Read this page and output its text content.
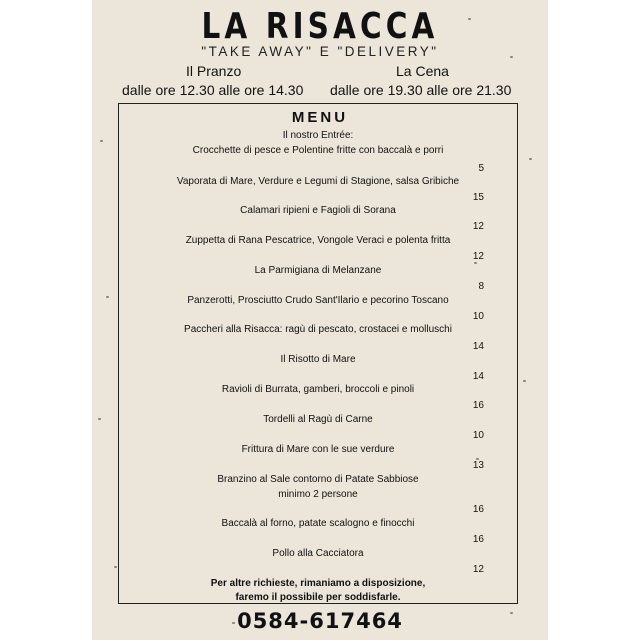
LA RISACCA
"TAKE AWAY" E "DELIVERY"
Il Pranzo	La Cena
dalle ore 12.30 alle ore 14.30 dalle ore 19.30 alle ore 21.30
MENU
Il nostro Entrée:
Crocchette di pesce e Polentine fritte con baccalà e porri
5
Vaporata di Mare, Verdure e Legumi di Stagione, salsa Gribiche
15
Calamari ripieni e Fagioli di Sorana
12
Zuppetta di Rana Pescatrice, Vongole Veraci e polenta fritta
12
La Parmigiana di Melanzane
8
Panzerotti, Prosciutto Crudo Sant'Ilario e pecorino Toscano
10
Paccheri alla Risacca: ragù di pescato, crostacei e molluschi
14
Il Risotto di Mare
14
Ravioli di Burrata, gamberi, broccoli e pinoli
16
Tordelli al Ragù di Carne
10
Frittura di Mare con le sue verdure
13
Branzino al Sale contorno di Patate Sabbiose
minimo 2 persone
16
Baccalà al forno, patate scalogno e finocchi
16
Pollo alla Cacciatora
12
Per altre richieste, rimaniamo a disposizione,
faremo il possibile per soddisfarle.
0584-617464
